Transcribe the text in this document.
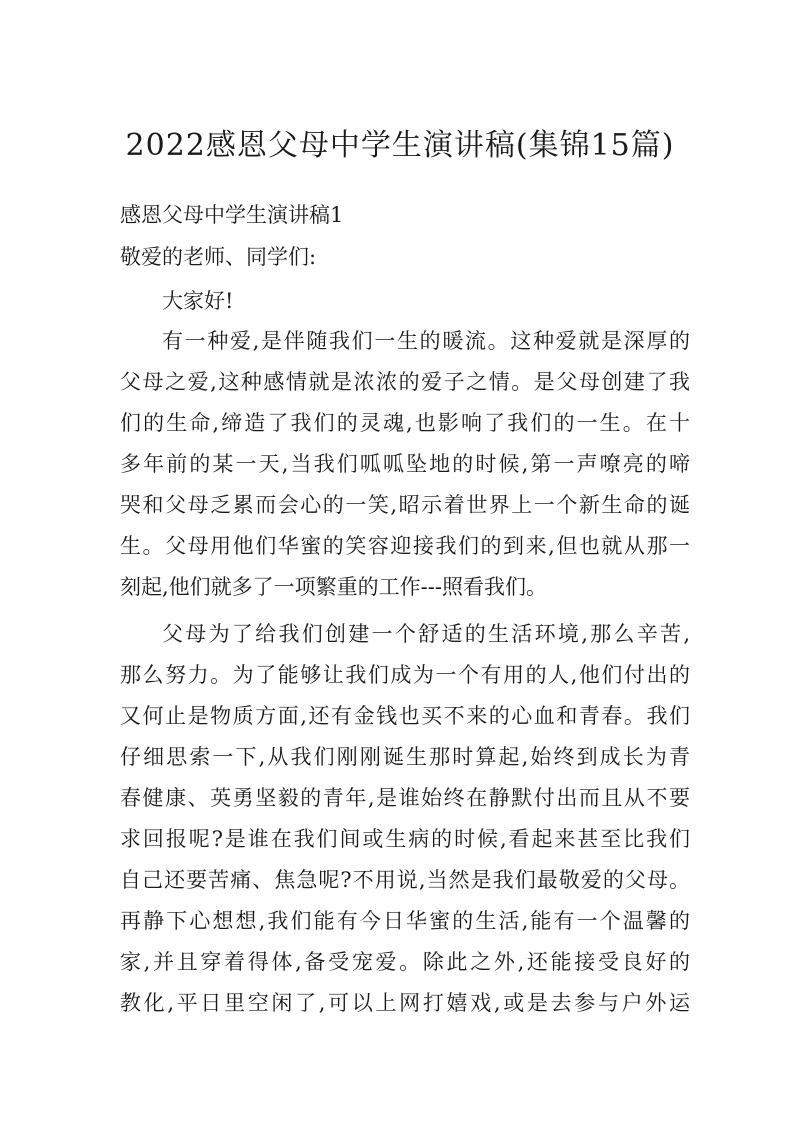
2022感恩父母中学生演讲稿(集锦15篇)
感恩父母中学生演讲稿1
敬爱的老师、同学们:
大家好!
有一种爱,是伴随我们一生的暖流。这种爱就是深厚的
父母之爱,这种感情就是浓浓的爱子之情。是父母创建了我
们的生命,缔造了我们的灵魂,也影响了我们的一生。在十
多年前的某一天,当我们呱呱坠地的时候,第一声嘹亮的啼
哭和父母乏累而会心的一笑,昭示着世界上一个新生命的诞
生。父母用他们华蜜的笑容迎接我们的到来,但也就从那一
刻起,他们就多了一项繁重的工作---照看我们。
父母为了给我们创建一个舒适的生活环境,那么辛苦,
那么努力。为了能够让我们成为一个有用的人,他们付出的
又何止是物质方面,还有金钱也买不来的心血和青春。我们
仔细思索一下,从我们刚刚诞生那时算起,始终到成长为青
春健康、英勇坚毅的青年,是谁始终在静默付出而且从不要
求回报呢?是谁在我们间或生病的时候,看起来甚至比我们
自己还要苦痛、焦急呢?不用说,当然是我们最敬爱的父母。
再静下心想想,我们能有今日华蜜的生活,能有一个温馨的
家,并且穿着得体,备受宠爱。除此之外,还能接受良好的
教化,平日里空闲了,可以上网打嬉戏,或是去参与户外运
